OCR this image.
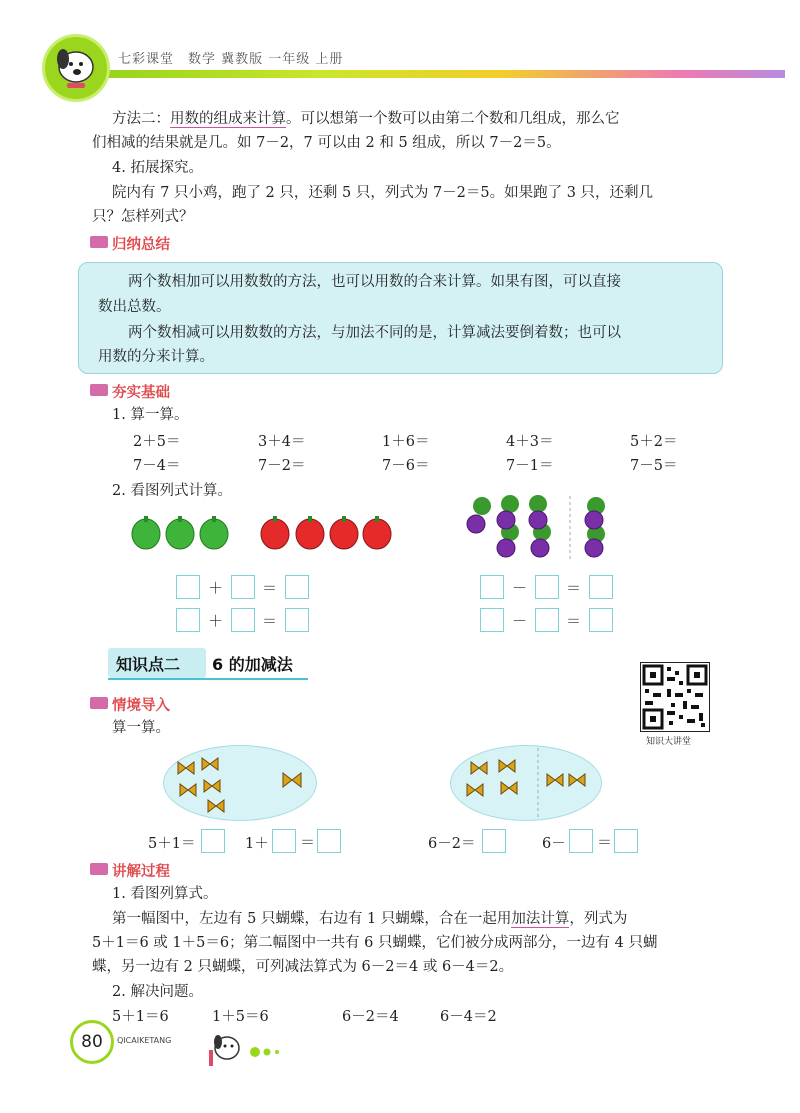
七彩课堂　数学 冀教版 一年级 上册

方法二：用数的组成来计算。可以想第一个数可以由第二个数和几组成，那么它

们相减的结果就是几。如 7－2，7 可以由 2 和 5 组成，所以 7－2＝5。

4. 拓展探究。

院内有 7 只小鸡，跑了 2 只，还剩 5 只，列式为 7－2＝5。如果跑了 3 只，还剩几

只？怎样列式？

归纳总结

两个数相加可以用数数的方法，也可以用数的合来计算。如果有图，可以直接

数出总数。

两个数相减可以用数数的方法，与加法不同的是，计算减法要倒着数；也可以

用数的分来计算。

夯实基础

1. 算一算。

2＋5＝	3＋4＝	1＋6＝	4＋3＝	5＋2＝
7－4＝	7－2＝	7－6＝	7－1＝	7－5＝

2. 看图列式计算。

＋	＝
＋	＝
－	＝
－	＝
知识点二 6 的加减法
知识大讲堂
情境导入

算一算。

5＋1＝	1＋ ＝	6－2＝	6－ ＝
讲解过程

1. 看图列算式。

第一幅图中，左边有 5 只蝴蝶，右边有 1 只蝴蝶，合在一起用加法计算，列式为

5＋1＝6 或 1＋5＝6；第二幅图中一共有 6 只蝴蝶，它们被分成两部分，一边有 4 只蝴

蝶，另一边有 2 只蝴蝶，可列减法算式为 6－2＝4 或 6－4＝2。

2. 解决问题。

5＋1＝6	1＋5＝6	6－2＝4	6－4＝2
80	QICAIKETANG
